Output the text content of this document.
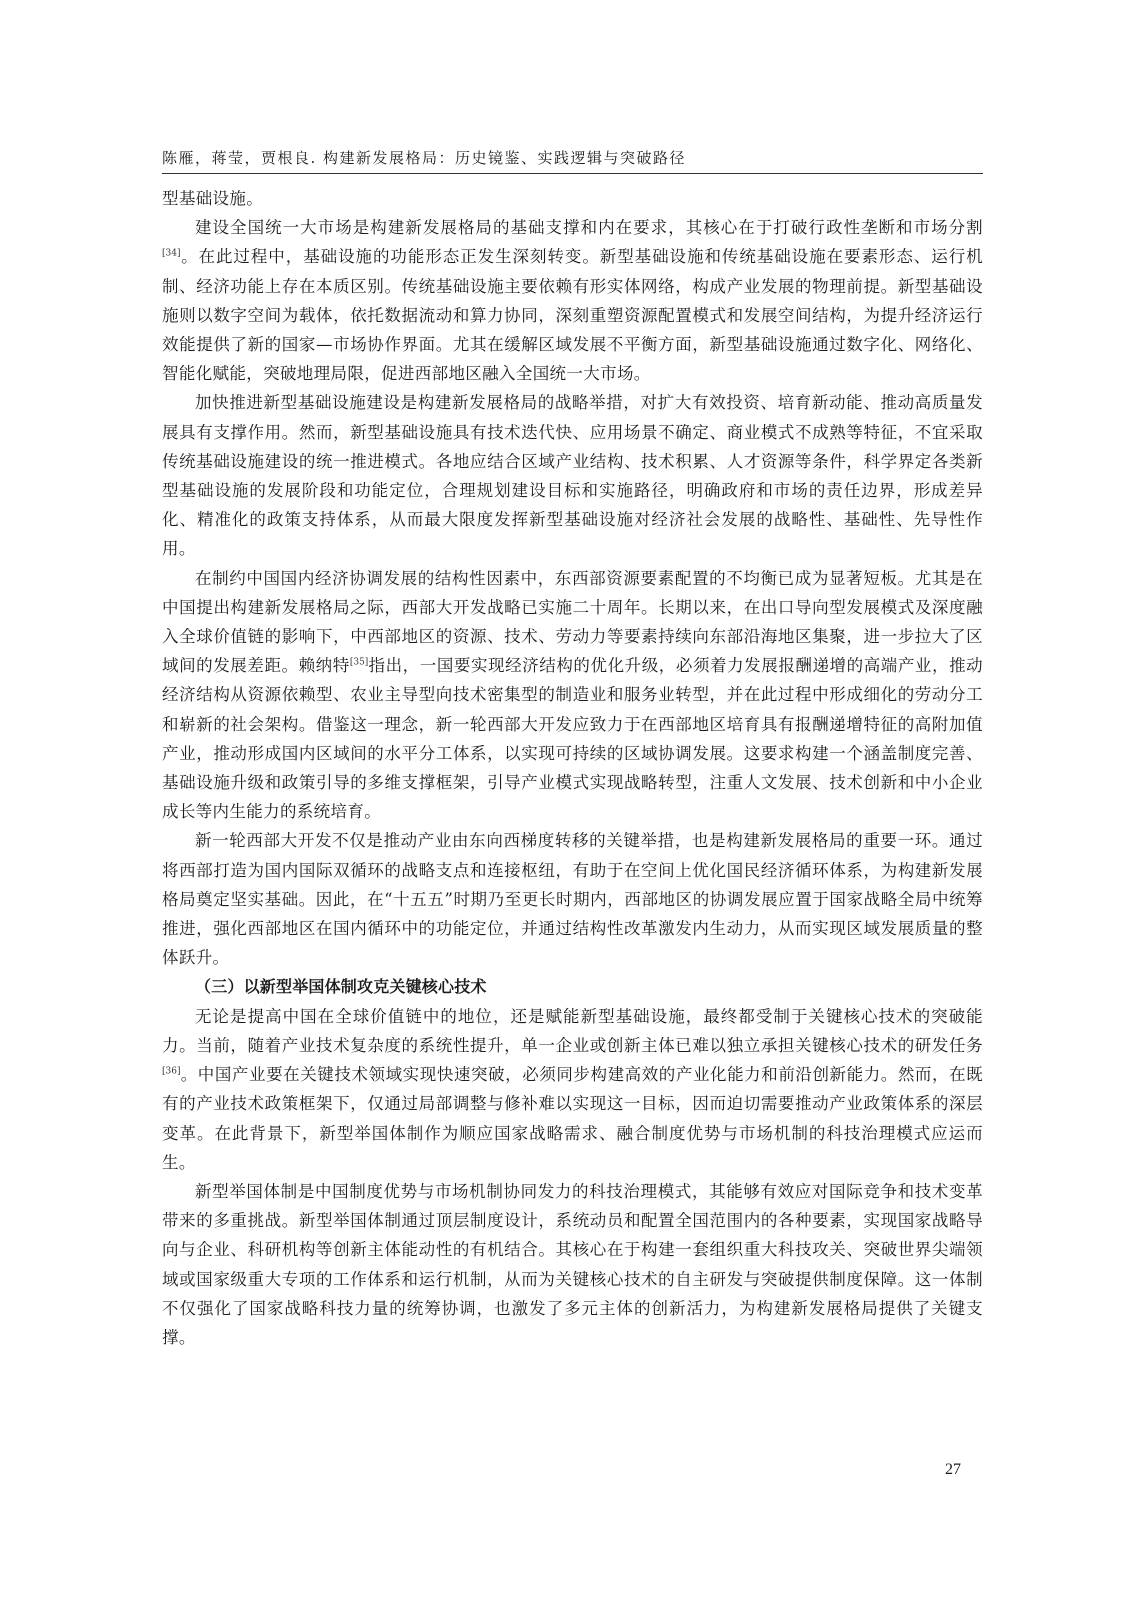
陈雁，蒋莹，贾根良. 构建新发展格局：历史镜鉴、实践逻辑与突破路径

型基础设施。

建设全国统一大市场是构建新发展格局的基础支撑和内在要求，其核心在于打破行政性垄断和市场分割[34]。在此过程中，基础设施的功能形态正发生深刻转变。新型基础设施和传统基础设施在要素形态、运行机制、经济功能上存在本质区别。传统基础设施主要依赖有形实体网络，构成产业发展的物理前提。新型基础设施则以数字空间为载体，依托数据流动和算力协同，深刻重塑资源配置模式和发展空间结构，为提升经济运行效能提供了新的国家—市场协作界面。尤其在缓解区域发展不平衡方面，新型基础设施通过数字化、网络化、智能化赋能，突破地理局限，促进西部地区融入全国统一大市场。

加快推进新型基础设施建设是构建新发展格局的战略举措，对扩大有效投资、培育新动能、推动高质量发展具有支撑作用。然而，新型基础设施具有技术迭代快、应用场景不确定、商业模式不成熟等特征，不宜采取传统基础设施建设的统一推进模式。各地应结合区域产业结构、技术积累、人才资源等条件，科学界定各类新型基础设施的发展阶段和功能定位，合理规划建设目标和实施路径，明确政府和市场的责任边界，形成差异化、精准化的政策支持体系，从而最大限度发挥新型基础设施对经济社会发展的战略性、基础性、先导性作用。

在制约中国国内经济协调发展的结构性因素中，东西部资源要素配置的不均衡已成为显著短板。尤其是在中国提出构建新发展格局之际，西部大开发战略已实施二十周年。长期以来，在出口导向型发展模式及深度融入全球价值链的影响下，中西部地区的资源、技术、劳动力等要素持续向东部沿海地区集聚，进一步拉大了区域间的发展差距。赖纳特[35]指出，一国要实现经济结构的优化升级，必须着力发展报酬递增的高端产业，推动经济结构从资源依赖型、农业主导型向技术密集型的制造业和服务业转型，并在此过程中形成细化的劳动分工和崭新的社会架构。借鉴这一理念，新一轮西部大开发应致力于在西部地区培育具有报酬递增特征的高附加值产业，推动形成国内区域间的水平分工体系，以实现可持续的区域协调发展。这要求构建一个涵盖制度完善、基础设施升级和政策引导的多维支撑框架，引导产业模式实现战略转型，注重人文发展、技术创新和中小企业成长等内生能力的系统培育。

新一轮西部大开发不仅是推动产业由东向西梯度转移的关键举措，也是构建新发展格局的重要一环。通过将西部打造为国内国际双循环的战略支点和连接枢纽，有助于在空间上优化国民经济循环体系，为构建新发展格局奠定坚实基础。因此，在“十五五”时期乃至更长时期内，西部地区的协调发展应置于国家战略全局中统筹推进，强化西部地区在国内循环中的功能定位，并通过结构性改革激发内生动力，从而实现区域发展质量的整体跃升。

（三）以新型举国体制攻克关键核心技术

无论是提高中国在全球价值链中的地位，还是赋能新型基础设施，最终都受制于关键核心技术的突破能力。当前，随着产业技术复杂度的系统性提升，单一企业或创新主体已难以独立承担关键核心技术的研发任务[36]。中国产业要在关键技术领域实现快速突破，必须同步构建高效的产业化能力和前沿创新能力。然而，在既有的产业技术政策框架下，仅通过局部调整与修补难以实现这一目标，因而迫切需要推动产业政策体系的深层变革。在此背景下，新型举国体制作为顺应国家战略需求、融合制度优势与市场机制的科技治理模式应运而生。

新型举国体制是中国制度优势与市场机制协同发力的科技治理模式，其能够有效应对国际竞争和技术变革带来的多重挑战。新型举国体制通过顶层制度设计，系统动员和配置全国范围内的各种要素，实现国家战略导向与企业、科研机构等创新主体能动性的有机结合。其核心在于构建一套组织重大科技攻关、突破世界尖端领域或国家级重大专项的工作体系和运行机制，从而为关键核心技术的自主研发与突破提供制度保障。这一体制不仅强化了国家战略科技力量的统筹协调，也激发了多元主体的创新活力，为构建新发展格局提供了关键支撑。

27
